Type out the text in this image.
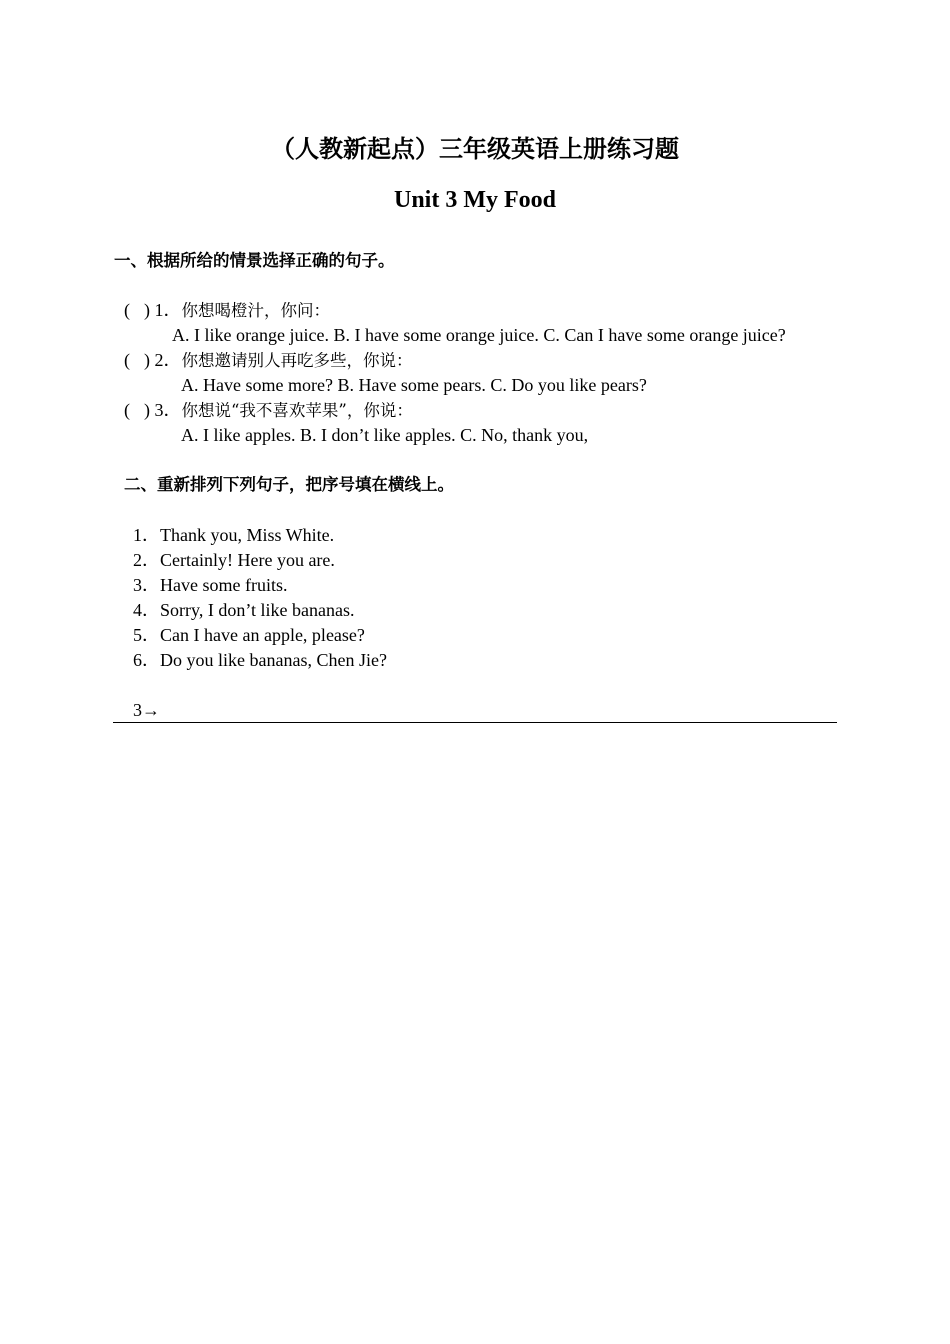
（人教新起点）三年级英语上册练习题
Unit 3 My Food
一、根据所给的情景选择正确的句子。
( ) 1．你想喝橙汁，你问：
A. I like orange juice. B. I have some orange juice. C. Can I have some orange juice?
( ) 2．你想邀请别人再吃多些，你说：
A. Have some more? B. Have some pears. C. Do you like pears?
( ) 3．你想说“我不喜欢苹果”，你说：
A. I like apples. B. I don’t like apples. C. No, thank you,
二、重新排列下列句子，把序号填在横线上。
1．Thank you, Miss White.
2．Certainly! Here you are.
3．Have some fruits.
4．Sorry, I don’t like bananas.
5．Can I have an apple, please?
6．Do you like bananas, Chen Jie?
3→
